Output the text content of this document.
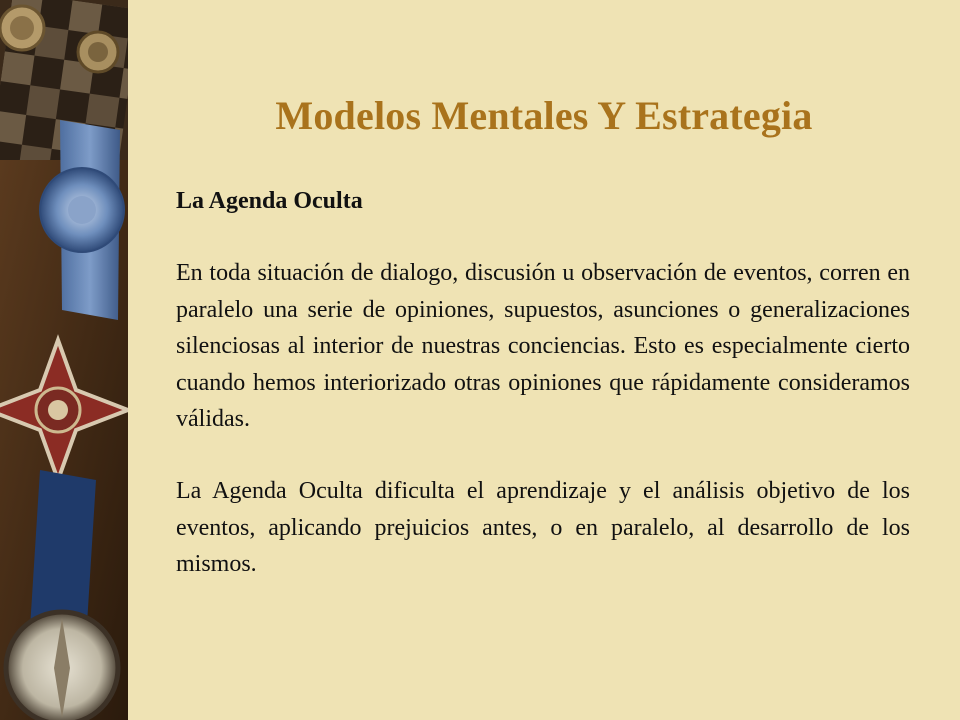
Modelos Mentales Y Estrategia

La Agenda Oculta

En toda situación de dialogo, discusión u observación de eventos, corren en paralelo una serie de opiniones, supuestos, asunciones o generalizaciones silenciosas al interior de nuestras conciencias. Esto es especialmente cierto cuando hemos interiorizado otras opiniones que rápidamente consideramos válidas.

La Agenda Oculta dificulta el aprendizaje y el análisis objetivo de los eventos, aplicando prejuicios antes, o en paralelo, al desarrollo de los mismos.
